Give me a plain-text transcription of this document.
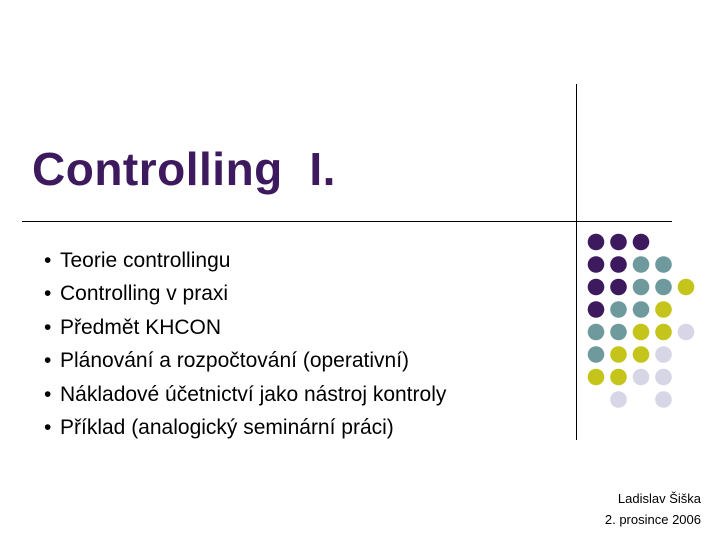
Controlling  I.
• Teorie controllingu
• Controlling v praxi
• Předmět KHCON
• Plánování a rozpočtování (operativní)
• Nákladové účetnictví jako nástroj kontroly
• Příklad (analogický seminární práci)
Ladislav Šiška
2. prosince 2006
